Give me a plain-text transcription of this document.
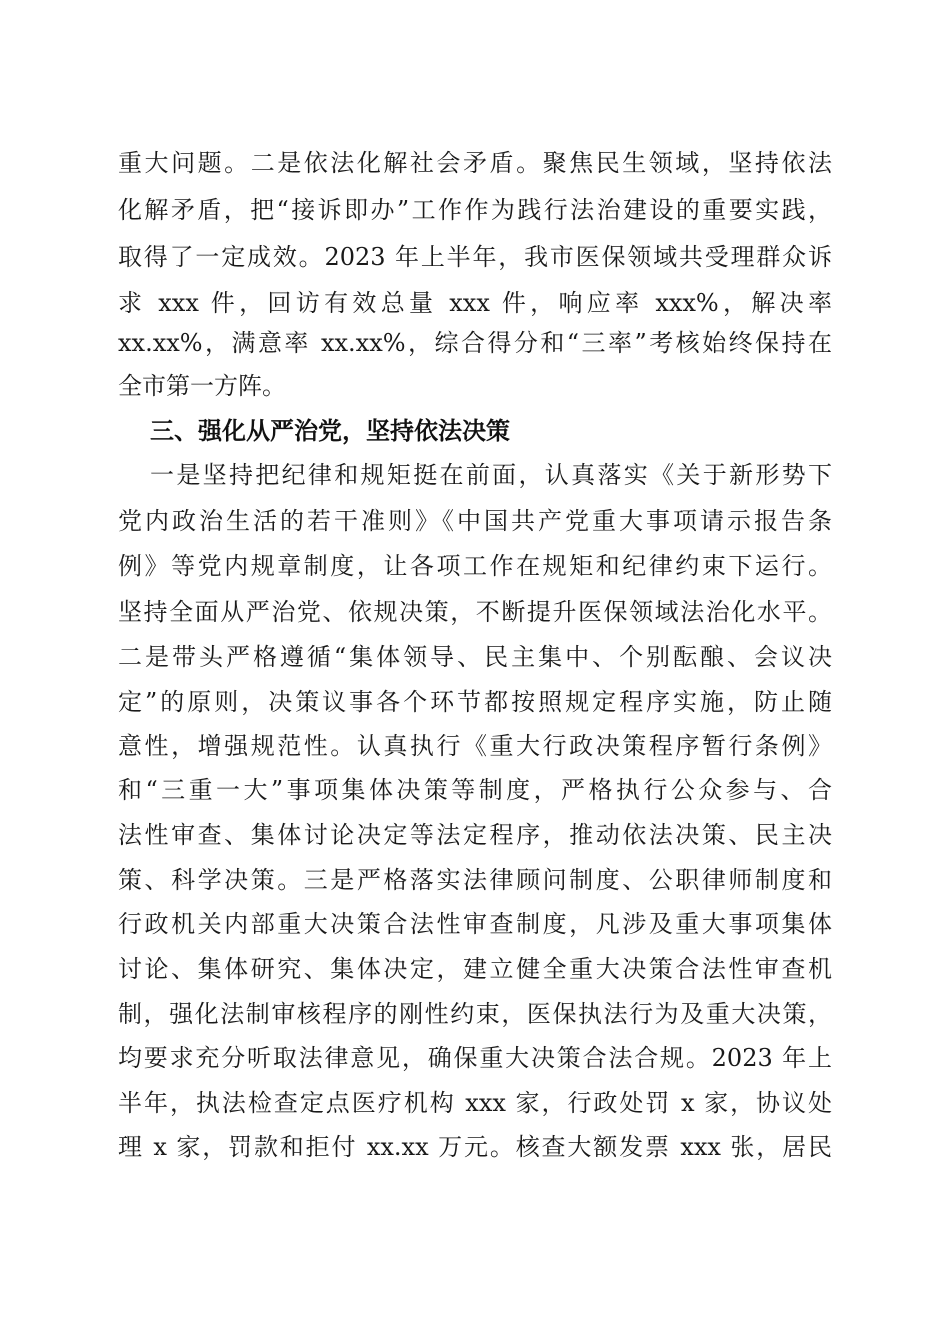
重大问题。二是依法化解社会矛盾。聚焦民生领域，坚持依法
化解矛盾，把“接诉即办”工作作为践行法治建设的重要实践，
取得了一定成效。2023 年上半年，我市医保领域共受理群众诉
求 xxx 件，回访有效总量 xxx 件，响应率 xxx%，解决率
xx.xx%，满意率 xx.xx%，综合得分和“三率”考核始终保持在
全市第一方阵。
三、强化从严治党，坚持依法决策
一是坚持把纪律和规矩挺在前面，认真落实《关于新形势下
党内政治生活的若干准则》《中国共产党重大事项请示报告条
例》等党内规章制度，让各项工作在规矩和纪律约束下运行。
坚持全面从严治党、依规决策，不断提升医保领域法治化水平。
二是带头严格遵循“集体领导、民主集中、个别酝酿、会议决
定”的原则，决策议事各个环节都按照规定程序实施，防止随
意性，增强规范性。认真执行《重大行政决策程序暂行条例》
和“三重一大”事项集体决策等制度，严格执行公众参与、合
法性审查、集体讨论决定等法定程序，推动依法决策、民主决
策、科学决策。三是严格落实法律顾问制度、公职律师制度和
行政机关内部重大决策合法性审查制度，凡涉及重大事项集体
讨论、集体研究、集体决定，建立健全重大决策合法性审查机
制，强化法制审核程序的刚性约束，医保执法行为及重大决策，
均要求充分听取法律意见，确保重大决策合法合规。2023 年上
半年，执法检查定点医疗机构 xxx 家，行政处罚 x 家，协议处
理 x 家，罚款和拒付 xx.xx 万元。核查大额发票 xxx 张，居民
